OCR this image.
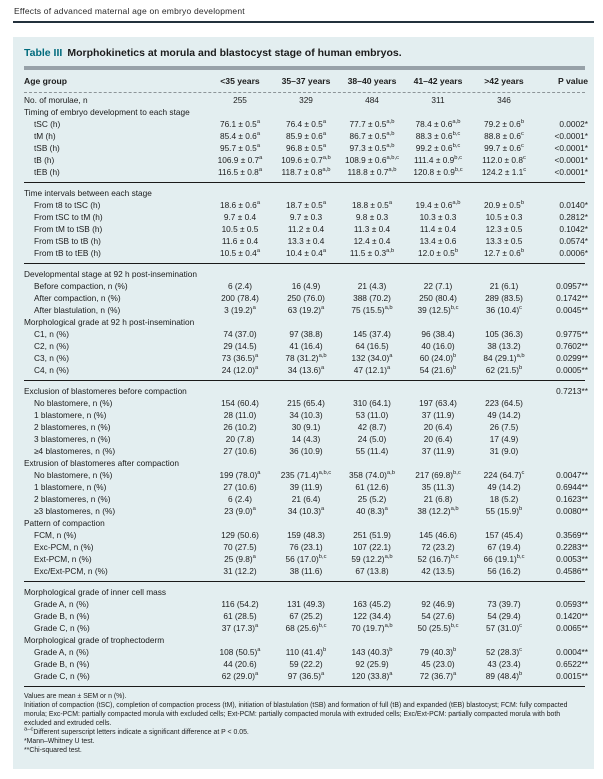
Effects of advanced maternal age on embryo development
Table III Morphokinetics at morula and blastocyst stage of human embryos.
Age group	<35 years	35–37 years	38–40 years	41–42 years	>42 years	P value
No. of morulae, n	255	329	484	311	346
Timing of embryo development to each stage
tSC (h)	76.1 ± 0.5$^a$	76.4 ± 0.5$^a$	$77.7 \pm 0.5^{a,b}$	$78.4 \pm 0.6^{a,b}$	79.2 ± 0.6$^b$	0.0002*
tM (h)	85.4 ± 0.6$^a$	85.9 ± 0.6$^a$	$86.7 \pm 0.5^{a,b}$	$88.3 \pm 0.6^{b,c}$	88.8 ± 0.6$^c$	<0.0001*
tSB (h)	95.7 ± 0.5$^a$	96.8 ± 0.5$^a$	$97.3 \pm 0.5^{a,b}$	$99.2 \pm 0.6^{b,c}$	99.7 ± 0.6$^c$	<0.0001*
tB (h)	106.9 ± 0.7$^a$	$109.6 \pm 0.7^{a,b}$	$108.9 \pm 0.6^{a,b,c}$	$111.4 \pm 0.9^{b,c}$	112.0 ± 0.8$^c$	<0.0001*
tEB (h)	116.5 ± 0.8$^a$	$118.7 \pm 0.8^{a,b}$	$118.8 \pm 0.7^{a,b}$	$120.8 \pm 0.9^{b,c}$	124.2 ± 1.1$^c$	<0.0001*
Time intervals between each stage
From t8 to tSC (h)	18.6 ± 0.6$^a$	18.7 ± 0.5$^a$	18.8 ± 0.5$^a$	$19.4 \pm 0.6^{a,b}$	20.9 ± 0.5$^b$	0.0140*
From tSC to tM (h)	9.7 ± 0.4	9.7 ± 0.3	9.8 ± 0.3	10.3 ± 0.3	10.5 ± 0.3	0.2812*
From tM to tSB (h)	10.5 ± 0.5	11.2 ± 0.4	11.3 ± 0.4	11.4 ± 0.4	12.3 ± 0.5	0.1042*
From tSB to tB (h)	11.6 ± 0.4	13.3 ± 0.4	12.4 ± 0.4	13.4 ± 0.6	13.3 ± 0.5	0.0574*
From tB to tEB (h)	10.5 ± 0.4$^a$	10.4 ± 0.4$^a$	$11.5 \pm 0.3^{a,b}$	12.0 ± 0.5$^b$	12.7 ± 0.6$^b$	0.0006*
Developmental stage at 92 h post-insemination
Before compaction, n (%)	6 (2.4)	16 (4.9)	21 (4.3)	22 (7.1)	21 (6.1)	0.0957**
After compaction, n (%)	200 (78.4)	250 (76.0)	388 (70.2)	250 (80.4)	289 (83.5)	0.1742**
After blastulation, n (%)	3 $(19.2)^a$	63 $(19.2)^a$	75 $(15.5)^{a,b}$	39 $(12.5)^{b,c}$	36 $(10.4)^c$	0.0045**
Morphological grade at 92 h post-insemination
C1, n (%)	74 (37.0)	97 (38.8)	145 (37.4)	96 (38.4)	105 (36.3)	0.9775**
C2, n (%)	29 (14.5)	41 (16.4)	64 (16.5)	40 (16.0)	38 (13.2)	0.7602**
C3, n (%)	73 $(36.5)^a$	78 $(31.2)^{a,b}$	132 $(34.0)^a$	60 $(24.0)^b$	84 $(29.1)^{a,b}$	0.0299**
C4, n (%)	24 $(12.0)^a$	34 $(13.6)^a$	47 $(12.1)^a$	54 $(21.6)^b$	62 $(21.5)^b$	0.0005**
Exclusion of blastomeres before compaction	0.7213**
No blastomere, n (%)	154 (60.4)	215 (65.4)	310 (64.1)	197 (63.4)	223 (64.5)
1 blastomere, n (%)	28 (11.0)	34 (10.3)	53 (11.0)	37 (11.9)	49 (14.2)
2 blastomeres, n (%)	26 (10.2)	30 (9.1)	42 (8.7)	20 (6.4)	26 (7.5)
3 blastomeres, n (%)	20 (7.8)	14 (4.3)	24 (5.0)	20 (6.4)	17 (4.9)
≥4 blastomeres, n (%)	27 (10.6)	36 (10.9)	55 (11.4)	37 (11.9)	31 (9.0)
Extrusion of blastomeres after compaction
No blastomere, n (%)	199 $(78.0)^a$	235 $(71.4)^{a,b,c}$	358 $(74.0)^{a,b}$	217 $(69.8)^{b,c}$	224 $(64.7)^c$	0.0047**
1 blastomere, n (%)	27 (10.6)	39 (11.9)	61 (12.6)	35 (11.3)	49 (14.2)	0.6944**
2 blastomeres, n (%)	6 (2.4)	21 (6.4)	25 (5.2)	21 (6.8)	18 (5.2)	0.1623**
≥3 blastomeres, n (%)	23 $(9.0)^a$	34 $(10.3)^a$	40 $(8.3)^a$	38 $(12.2)^{a,b}$	55 $(15.9)^b$	0.0080**
Pattern of compaction
FCM, n (%)	129 (50.6)	159 (48.3)	251 (51.9)	145 (46.6)	157 (45.4)	0.3569**
Exc-PCM, n (%)	70 (27.5)	76 (23.1)	107 (22.1)	72 (23.2)	67 (19.4)	0.2283**
Ext-PCM, n (%)	25 $(9.8)^a$	56 $(17.0)^{b,c}$	59 $(12.2)^{a,b}$	52 $(16.7)^{b,c}$	66 $(19.1)^{b,c}$	0.0053**
Exc/Ext-PCM, n (%)	31 (12.2)	38 (11.6)	67 (13.8)	42 (13.5)	56 (16.2)	0.4586**
Morphological grade of inner cell mass
Grade A, n (%)	116 (54.2)	131 (49.3)	163 (45.2)	92 (46.9)	73 (39.7)	0.0593**
Grade B, n (%)	61 (28.5)	67 (25.2)	122 (34.4)	54 (27.6)	54 (29.4)	0.1420**
Grade C, n (%)	37 $(17.3)^a$	68 $(25.6)^{b,c}$	70 $(19.7)^{a,b}$	50 $(25.5)^{b,c}$	57 $(31.0)^c$	0.0065**
Morphological grade of trophectoderm
Grade A, n (%)	108 $(50.5)^a$	110 $(41.4)^b$	143 $(40.3)^b$	79 $(40.3)^b$	52 $(28.3)^c$	0.0004**
Grade B, n (%)	44 (20.6)	59 (22.2)	92 (25.9)	45 (23.0)	43 (23.4)	0.6522**
Grade C, n (%)	62 $(29.0)^a$	97 $(36.5)^a$	120 $(33.8)^a$	72 $(36.7)^a$	89 $(48.4)^b$	0.0015**
Values are mean ± SEM or n (%).
Initiation of compaction (tSC), completion of compaction process (tM), initiation of blastulation (tSB) and formation of full (tB) and expanded (tEB) blastocyst; FCM: fully compacted morula; Exc-PCM: partially compacted morula with excluded cells; Ext-PCM: partially compacted morula with extruded cells; Exc/Ext-PCM: partially compacted morula with both excluded and extruded cells.
$^{a-c}$Different superscript letters indicate a significant difference at P < 0.05.
*Mann–Whitney U test.
**Chi-squared test.
